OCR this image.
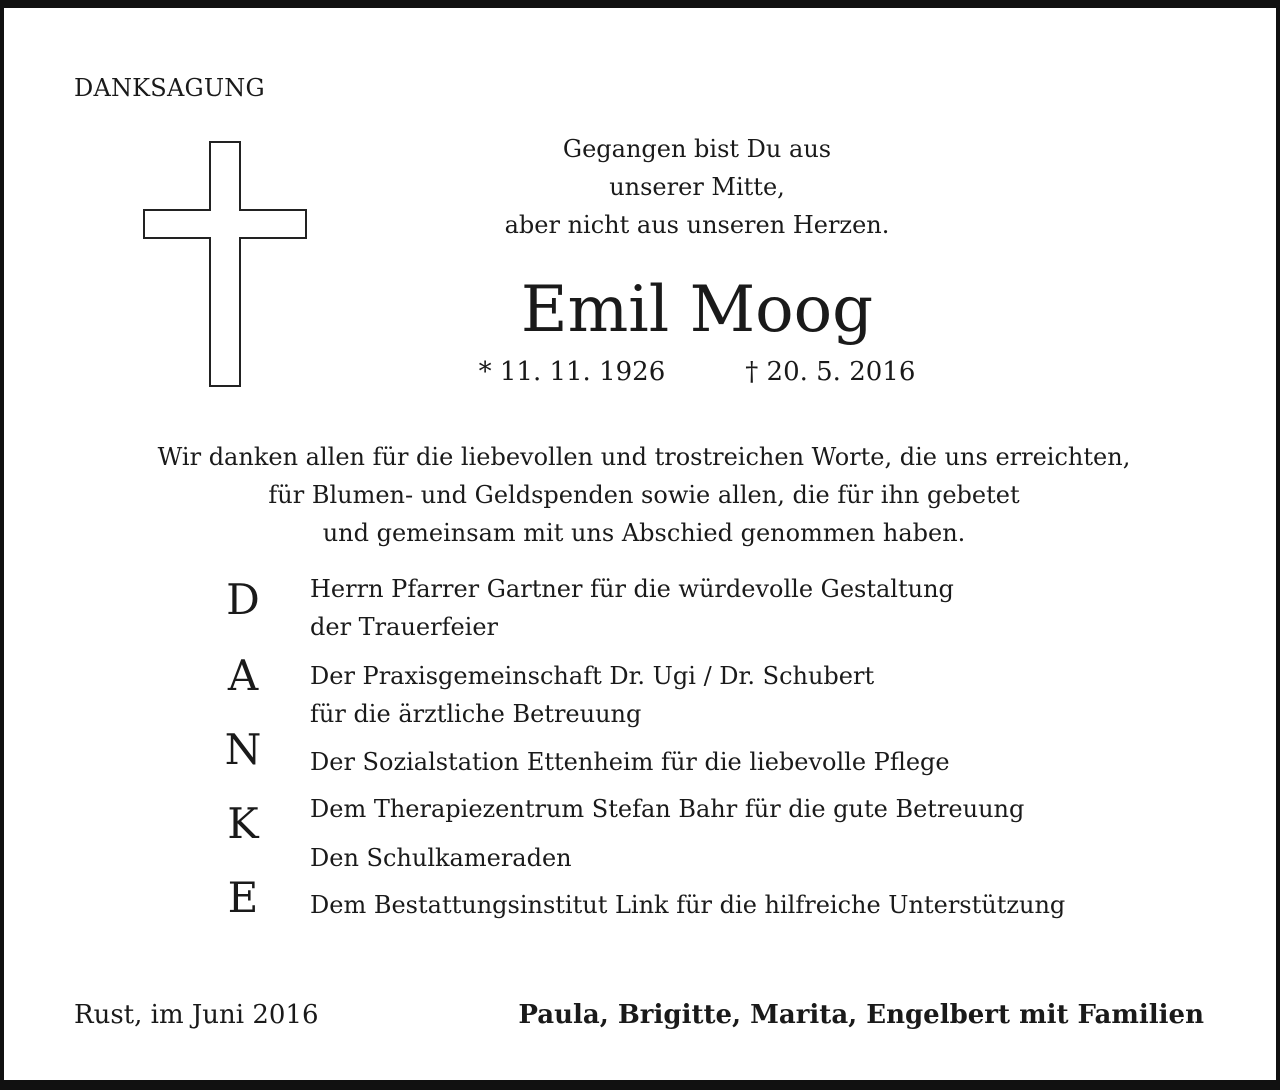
DANKSAGUNG
Gegangen bist Du aus
unserer Mitte,
aber nicht aus unseren Herzen.
Emil Moog
* 11. 11. 1926	† 20. 5. 2016
Wir danken allen für die liebevollen und trostreichen Worte, die uns erreichten,
für Blumen- und Geldspenden sowie allen, die für ihn gebetet
und gemeinsam mit uns Abschied genommen haben.
D Herrn Pfarrer Gartner für die würdevolle Gestaltung
der Trauerfeier
A	Der Praxisgemeinschaft Dr. Ugi / Dr. Schubert
für die ärztliche Betreuung
N Der Sozialstation Ettenheim für die liebevolle Pflege
K	Dem Therapiezentrum Stefan Bahr für die gute Betreuung
Den Schulkameraden
E	Dem Bestattungsinstitut Link für die hilfreiche Unterstützung
Rust, im Juni 2016	Paula, Brigitte, Marita, Engelbert mit Familien
